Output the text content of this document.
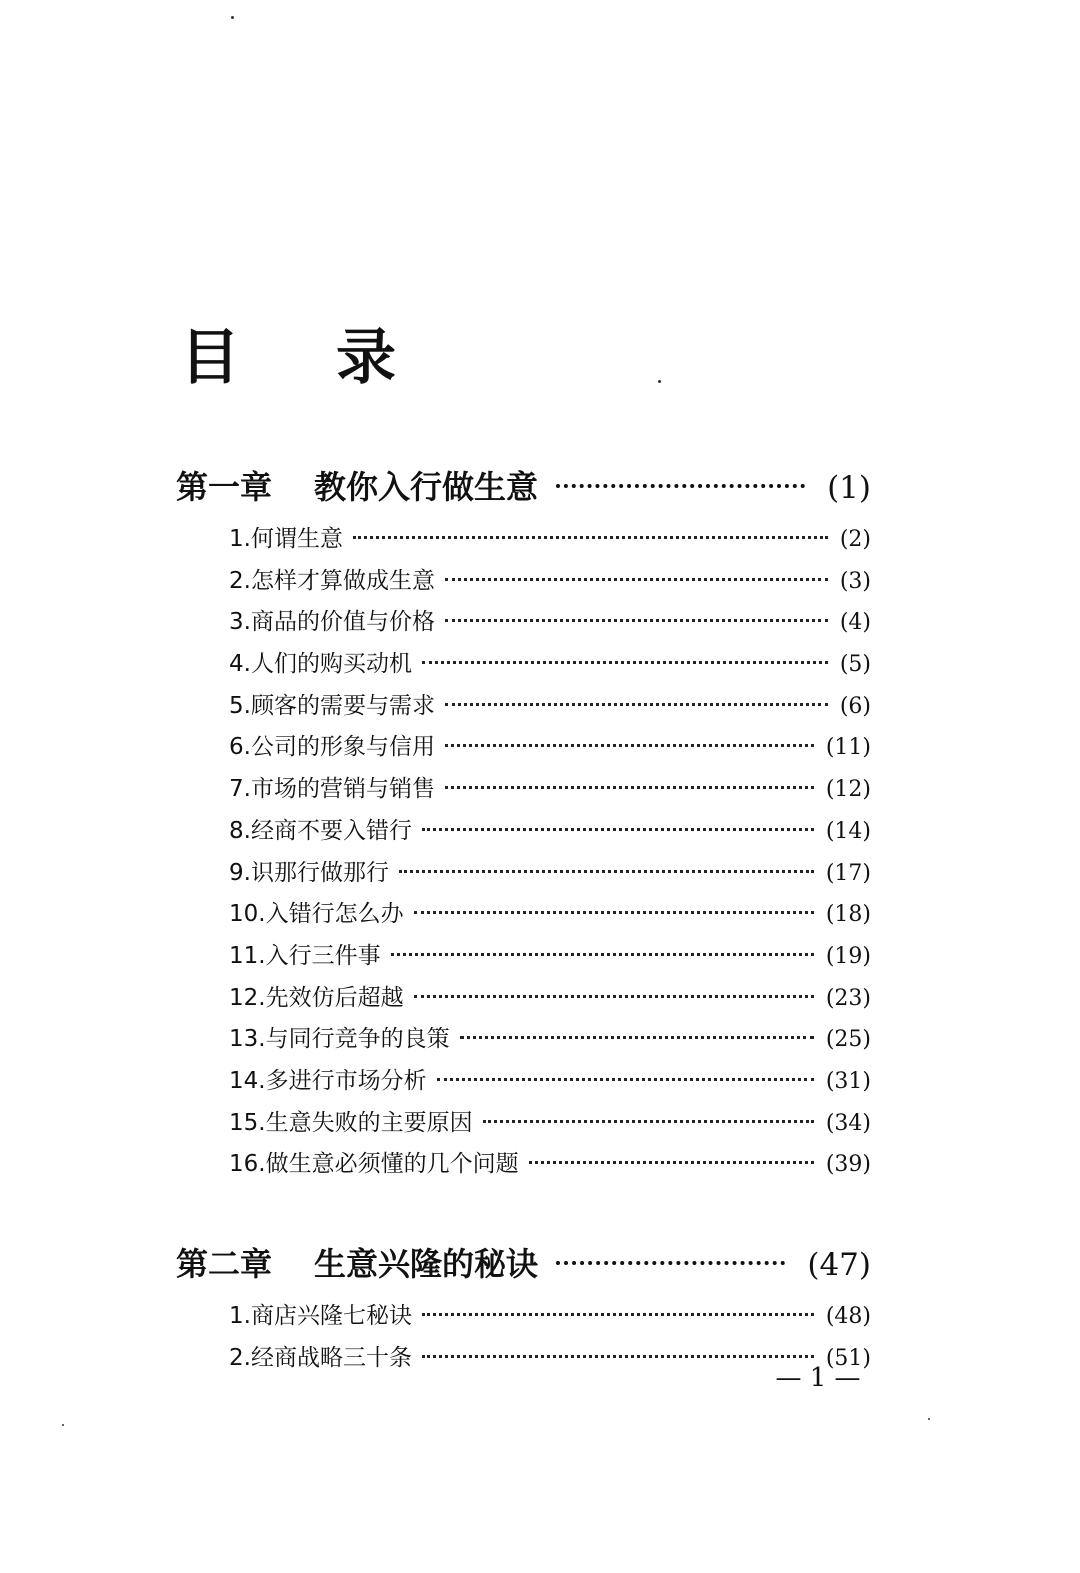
目 录
第一章 教你入行做生意	(1)
1.何谓生意	(2)
2.怎样才算做成生意	(3)
3.商品的价值与价格	(4)
4.人们的购买动机	(5)
5.顾客的需要与需求	(6)
6.公司的形象与信用	(11)
7.市场的营销与销售	(12)
8.经商不要入错行	(14)
9.识那行做那行	(17)
10.入错行怎么办	(18)
11.入行三件事	(19)
12.先效仿后超越	(23)
13.与同行竞争的良策	(25)
14.多进行市场分析	(31)
15.生意失败的主要原因	(34)
16.做生意必须懂的几个问题	(39)
第二章 生意兴隆的秘诀	(47)
1.商店兴隆七秘诀	(48)
2.经商战略三十条	(51)
— 1 —
